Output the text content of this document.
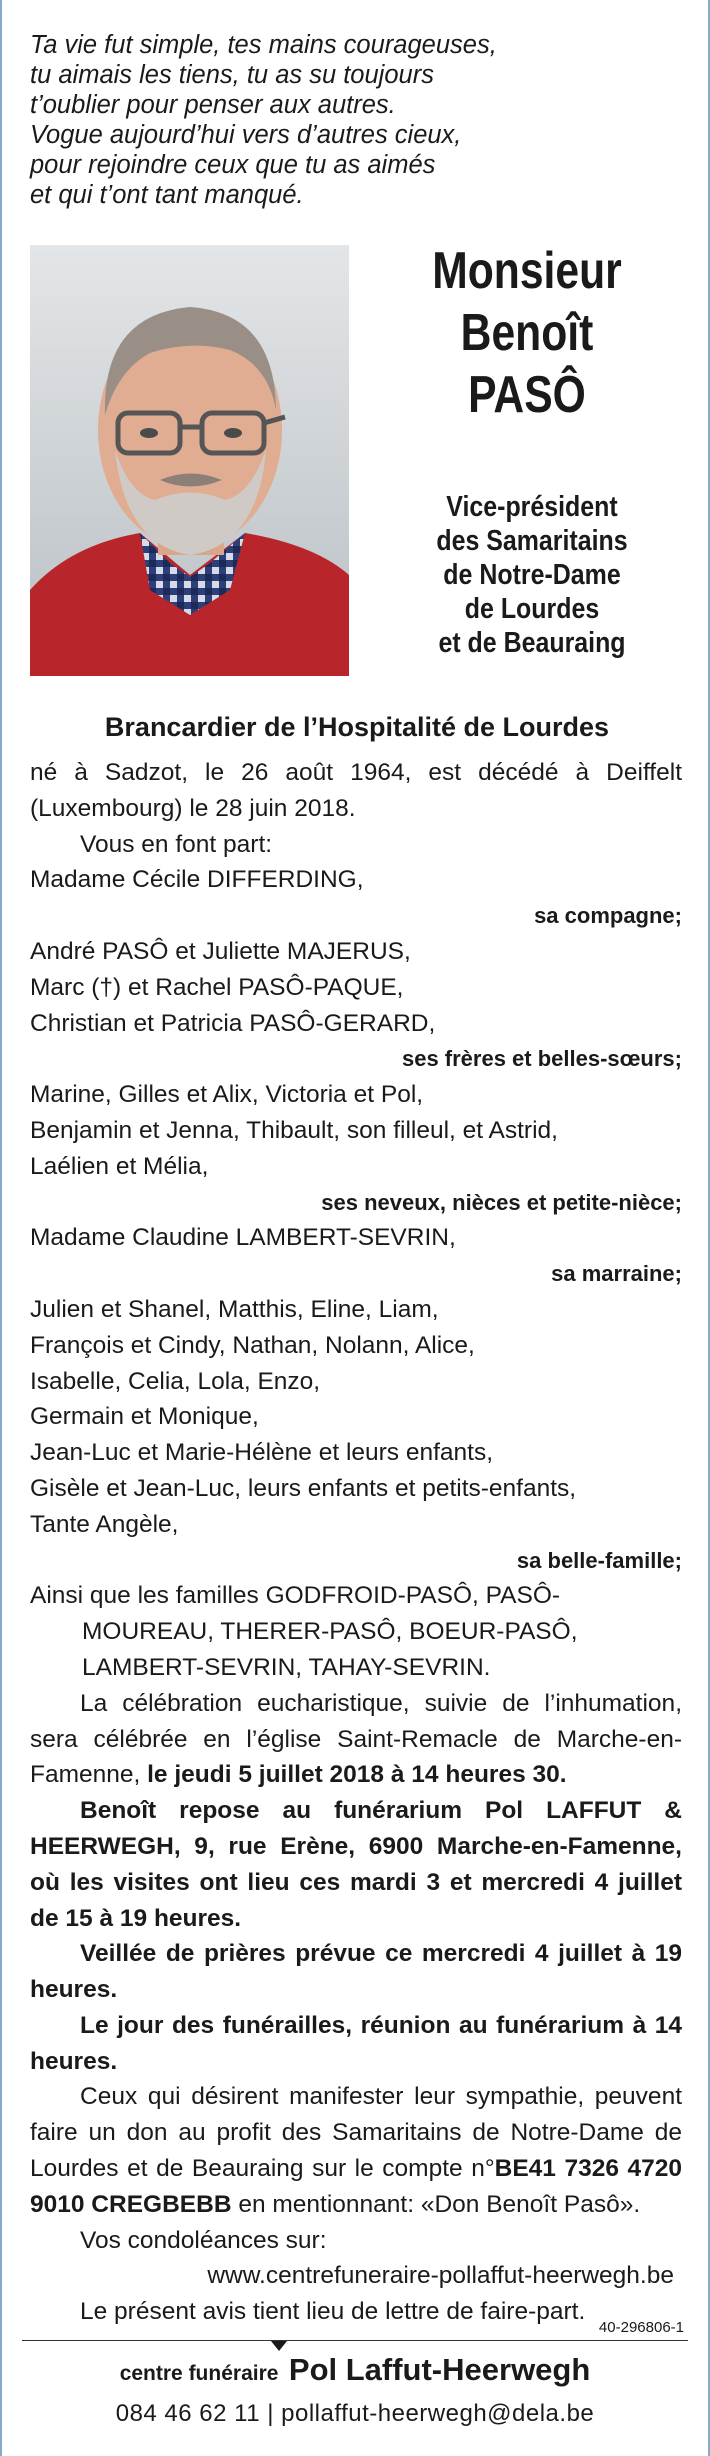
Ta vie fut simple, tes mains courageuses,
tu aimais les tiens, tu as su toujours
t’oublier pour penser aux autres.
Vogue aujourd’hui vers d’autres cieux,
pour rejoindre ceux que tu as aimés
et qui t’ont tant manqué.
Monsieur
Benoît
PASÔ
Vice-président
des Samaritains
de Notre-Dame
de Lourdes
et de Beauraing
Brancardier de l’Hospitalité de Lourdes

né à Sadzot, le 26 août 1964, est décédé à Deiffelt (Luxembourg) le 28 juin 2018.

Vous en font part:

Madame Cécile DIFFERDING,

sa compagne;

André PASÔ et Juliette MAJERUS,

Marc (†) et Rachel PASÔ-PAQUE,

Christian et Patricia PASÔ-GERARD,

ses frères et belles-sœurs;

Marine, Gilles et Alix, Victoria et Pol,

Benjamin et Jenna, Thibault, son filleul, et Astrid,

Laélien et Mélia,

ses neveux, nièces et petite-nièce;

Madame Claudine LAMBERT-SEVRIN,

sa marraine;

Julien et Shanel, Matthis, Eline, Liam,

François et Cindy, Nathan, Nolann, Alice,

Isabelle, Celia, Lola, Enzo,

Germain et Monique,

Jean-Luc et Marie-Hélène et leurs enfants,

Gisèle et Jean-Luc, leurs enfants et petits-enfants,

Tante Angèle,

sa belle-famille;

Ainsi que les familles GODFROID-PASÔ, PASÔ-MOUREAU, THERER-PASÔ, BOEUR-PASÔ, LAMBERT-SEVRIN, TAHAY-SEVRIN.

La célébration eucharistique, suivie de l’inhumation, sera célébrée en l’église Saint-Remacle de Marche-en-Famenne, le jeudi 5 juillet 2018 à 14 heures 30.

Benoît repose au funérarium Pol LAFFUT & HEERWEGH, 9, rue Erène, 6900 Marche-en-Famenne, où les visites ont lieu ces mardi 3 et mercredi 4 juillet de 15 à 19 heures.

Veillée de prières prévue ce mercredi 4 juillet à 19 heures.

Le jour des funérailles, réunion au funérarium à 14 heures.

Ceux qui désirent manifester leur sympathie, peuvent faire un don au profit des Samaritains de Notre-Dame de Lourdes et de Beauraing sur le compte n°BE41 7326 4720 9010 CREGBEBB en mentionnant: «Don Benoît Pasô».

Vos condoléances sur:

www.centrefuneraire-pollaffut-heerwegh.be

Le présent avis tient lieu de lettre de faire-part.

40-296806-1
centre funéraire Pol Laffut-Heerwegh
084 46 62 11 | pollaffut-heerwegh@dela.be
